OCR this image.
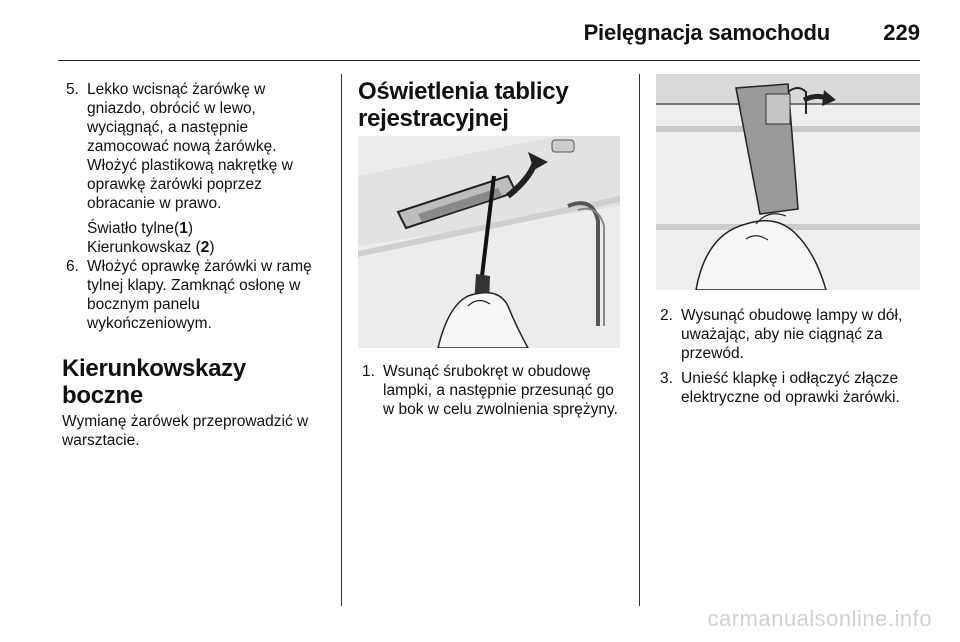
Pielęgnacja samochodu 229
5. Lekko wcisnąć żarówkę w gniazdo, obrócić w lewo, wyciągnąć, a następnie zamocować nową żarówkę.

Włożyć plastikową nakrętkę w oprawkę żarówki poprzez obracanie w prawo.

Światło tylne(1)

Kierunkowskaz (2)

6. Włożyć oprawkę żarówki w ramę tylnej klapy. Zamknąć osłonę w bocznym panelu wykończeniowym.

Kierunkowskazy boczne

Wymianę żarówek przeprowadzić w warsztacie.

Oświetlenia tablicy rejestracyjnej
1. Wsunąć śrubokręt w obudowę lampki, a następnie przesunąć go w bok w celu zwolnienia sprężyny.

2. Wysunąć obudowę lampy w dół, uważając, aby nie ciągnąć za przewód.

3. Unieść klapkę i odłączyć złącze elektryczne od oprawki żarówki.

carmanualsonline.info
